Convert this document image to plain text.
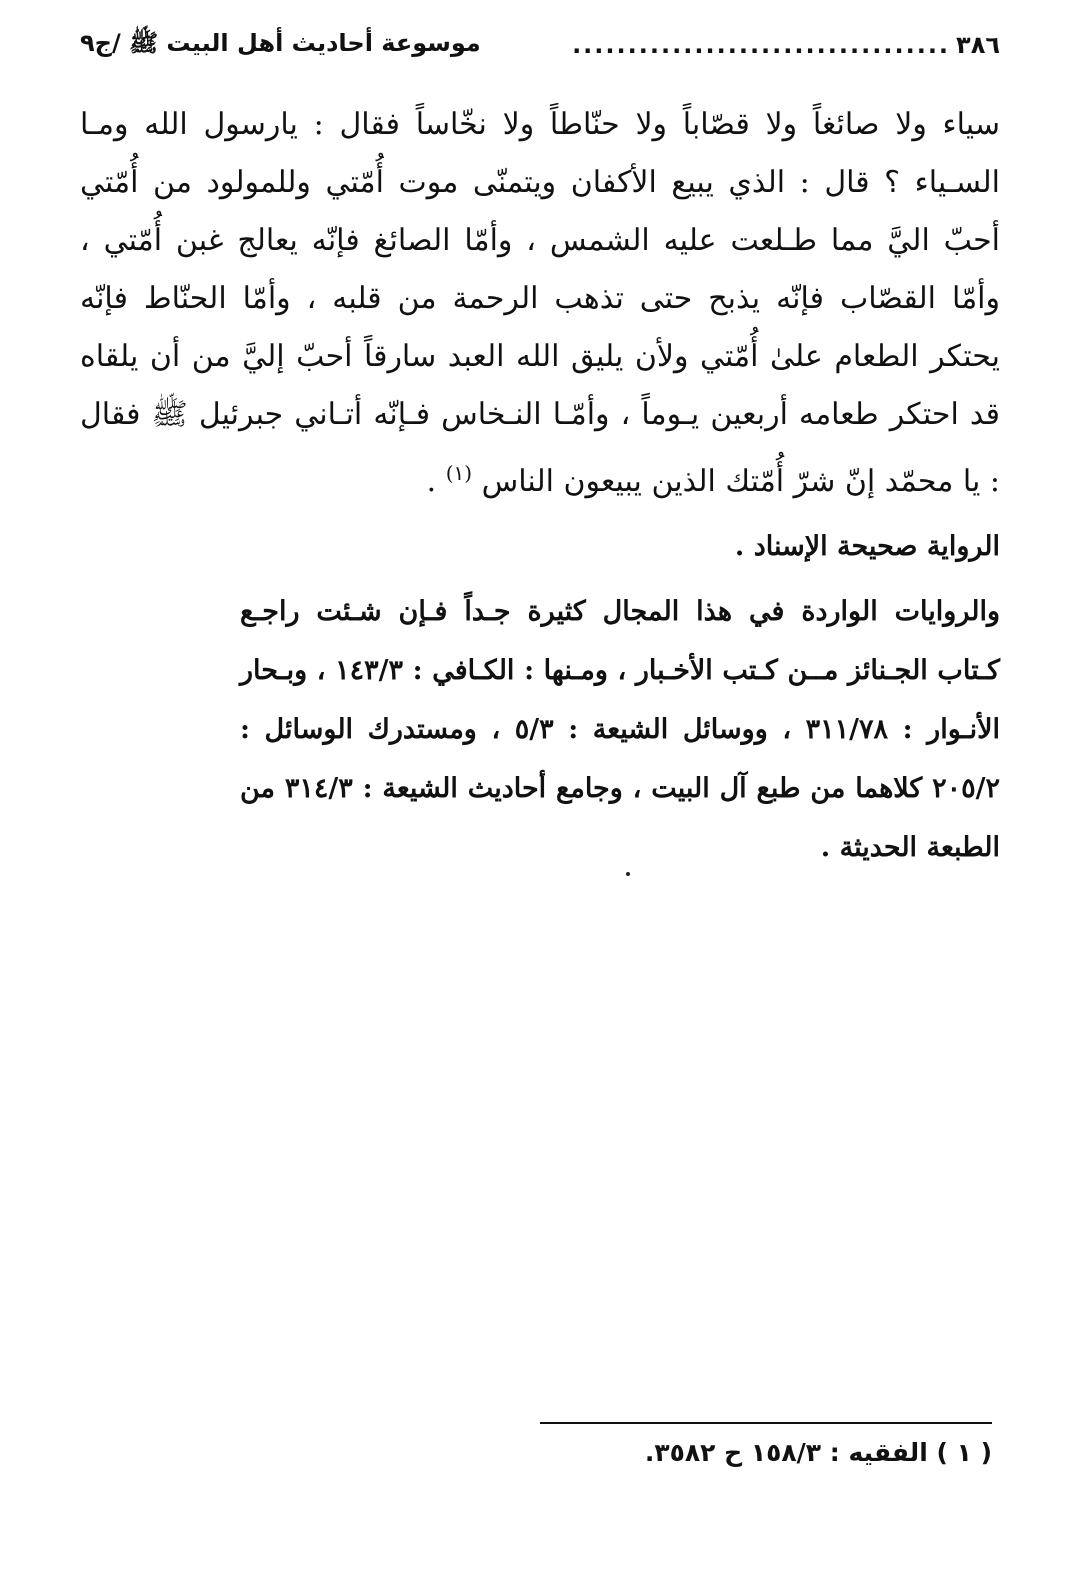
٣٨٦
..................................
موسوعة أحاديث أهل البيت ﷺ /ج٩

سياء ولا صائغاً ولا قصّاباً ولا حنّاطاً ولا نخّاساً فقال : يارسول الله ومـا السـياء ؟ قال : الذي يبيع الأكفان ويتمنّى موت أُمّتي وللمولود من أُمّتي أحبّ اليَّ مما طـلعت عليه الشمس ، وأمّا الصائغ فإنّه يعالج غبن أُمّتي ، وأمّا القصّاب فإنّه يذبح حتى تذهب الرحمة من قلبه ، وأمّا الحنّاط فإنّه يحتكر الطعام علىٰ أُمّتي ولأن يليق الله العبد سارقاً أحبّ إليَّ من أن يلقاه قد احتكر طعامه أربعين يـوماً ، وأمّـا النـخاس فـإنّه أتـاني جبرئيل ﷺ فقال : يا محمّد إنّ شرّ أُمّتك الذين يبيعون الناس $^{(١)}$ .

الرواية صحيحة الإسناد .

والروايات الواردة في هذا المجال كثيرة جـداً فـإن شـئت راجـع كـتاب الجـنائز مــن كـتب الأخـبار ، ومـنها : الكـافي : ١٤٣/٣ ، وبـحار الأنـوار : ٣١١/٧٨ ، ووسائل الشيعة : ٥/٣ ، ومستدرك الوسائل : ٢٠٥/٢ كلاهما من طبع آل البيت ، وجامع أحاديث الشيعة : ٣١٤/٣ من الطبعة الحديثة .

( ١ ) الفقيه : ١٥٨/٣ ح ٣٥٨٢.
